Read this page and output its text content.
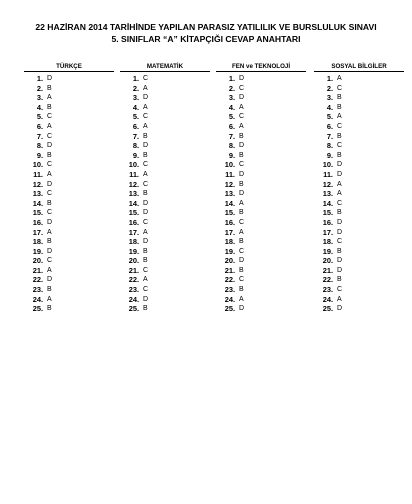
22 HAZİRAN 2014 TARİHİNDE YAPILAN PARASIZ YATILILIK VE BURSLULUK SINAVI
5. SINIFLAR “A” KİTAPÇIĞI CEVAP ANAHTARI
TÜRKÇE
1. D
2. B
3. A
4. B
5. C
6. A
7. C
8. D
9. B
10. C
11. A
12. D
13. C
14. B
15. C
16. D
17. A
18. B
19. D
20. C
21. A
22. D
23. B
24. A
25. B
MATEMATİK
1. C
2. A
3. D
4. A
5. C
6. A
7. B
8. D
9. B
10. C
11. A
12. C
13. B
14. D
15. D
16. C
17. A
18. D
19. B
20. B
21. C
22. A
23. C
24. D
25. B
FEN ve TEKNOLOJİ
1. D
2. C
3. D
4. A
5. C
6. A
7. B
8. D
9. B
10. C
11. D
12. B
13. D
14. A
15. B
16. C
17. A
18. B
19. C
20. D
21. B
22. C
23. B
24. A
25. D
SOSYAL BİLGİLER
1. A
2. C
3. B
4. B
5. A
6. C
7. B
8. C
9. B
10. D
11. D
12. A
13. A
14. C
15. B
16. D
17. D
18. C
19. B
20. D
21. D
22. B
23. C
24. A
25. D
